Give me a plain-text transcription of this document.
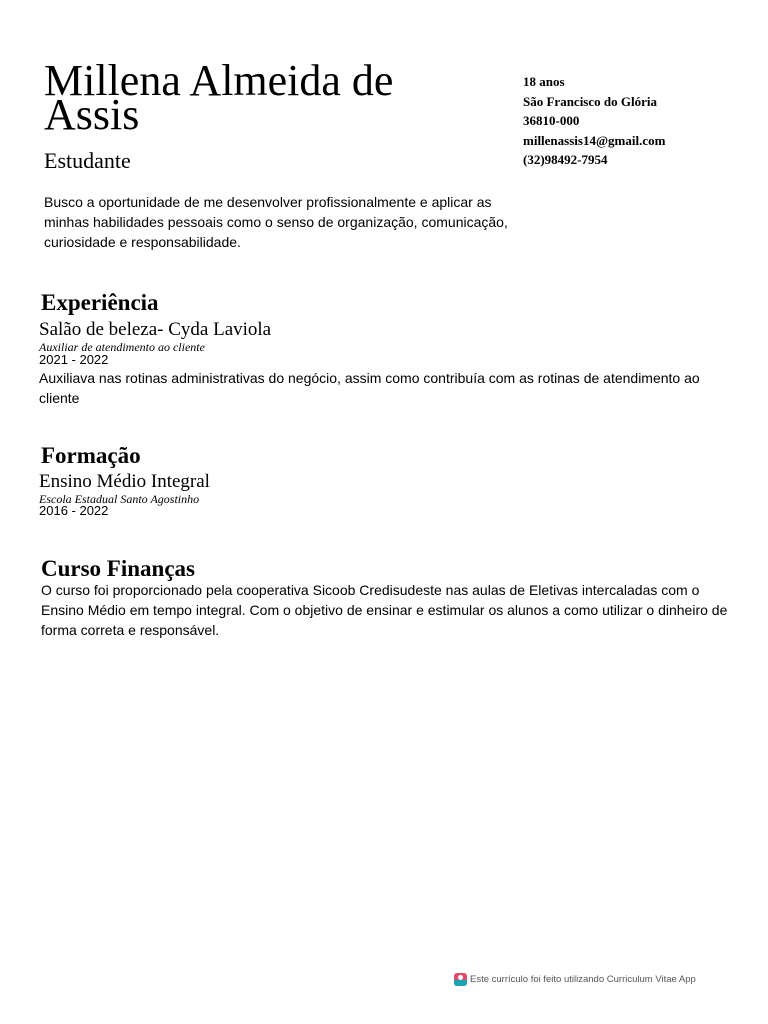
Millena Almeida de Assis

Estudante

Busco a oportunidade de me desenvolver profissionalmente e aplicar as minhas habilidades pessoais como o senso de organização, comunicação, curiosidade e responsabilidade.

18 anos
São Francisco do Glória
36810-000
millenassis14@gmail.com
(32)98492-7954
Experiência

Salão de beleza- Cyda Laviola

Auxiliar de atendimento ao cliente

2021 - 2022

Auxiliava nas rotinas administrativas do negócio, assim como contribuía com as rotinas de atendimento ao cliente

Formação

Ensino Médio Integral

Escola Estadual Santo Agostinho

2016 - 2022

Curso Finanças

O curso foi proporcionado pela cooperativa Sicoob Credisudeste nas aulas de Eletivas intercaladas com o Ensino Médio em tempo integral. Com o objetivo de ensinar e estimular os alunos a como utilizar o dinheiro de forma correta e responsável.

Este currículo foi feito utilizando Curriculum Vitae App
